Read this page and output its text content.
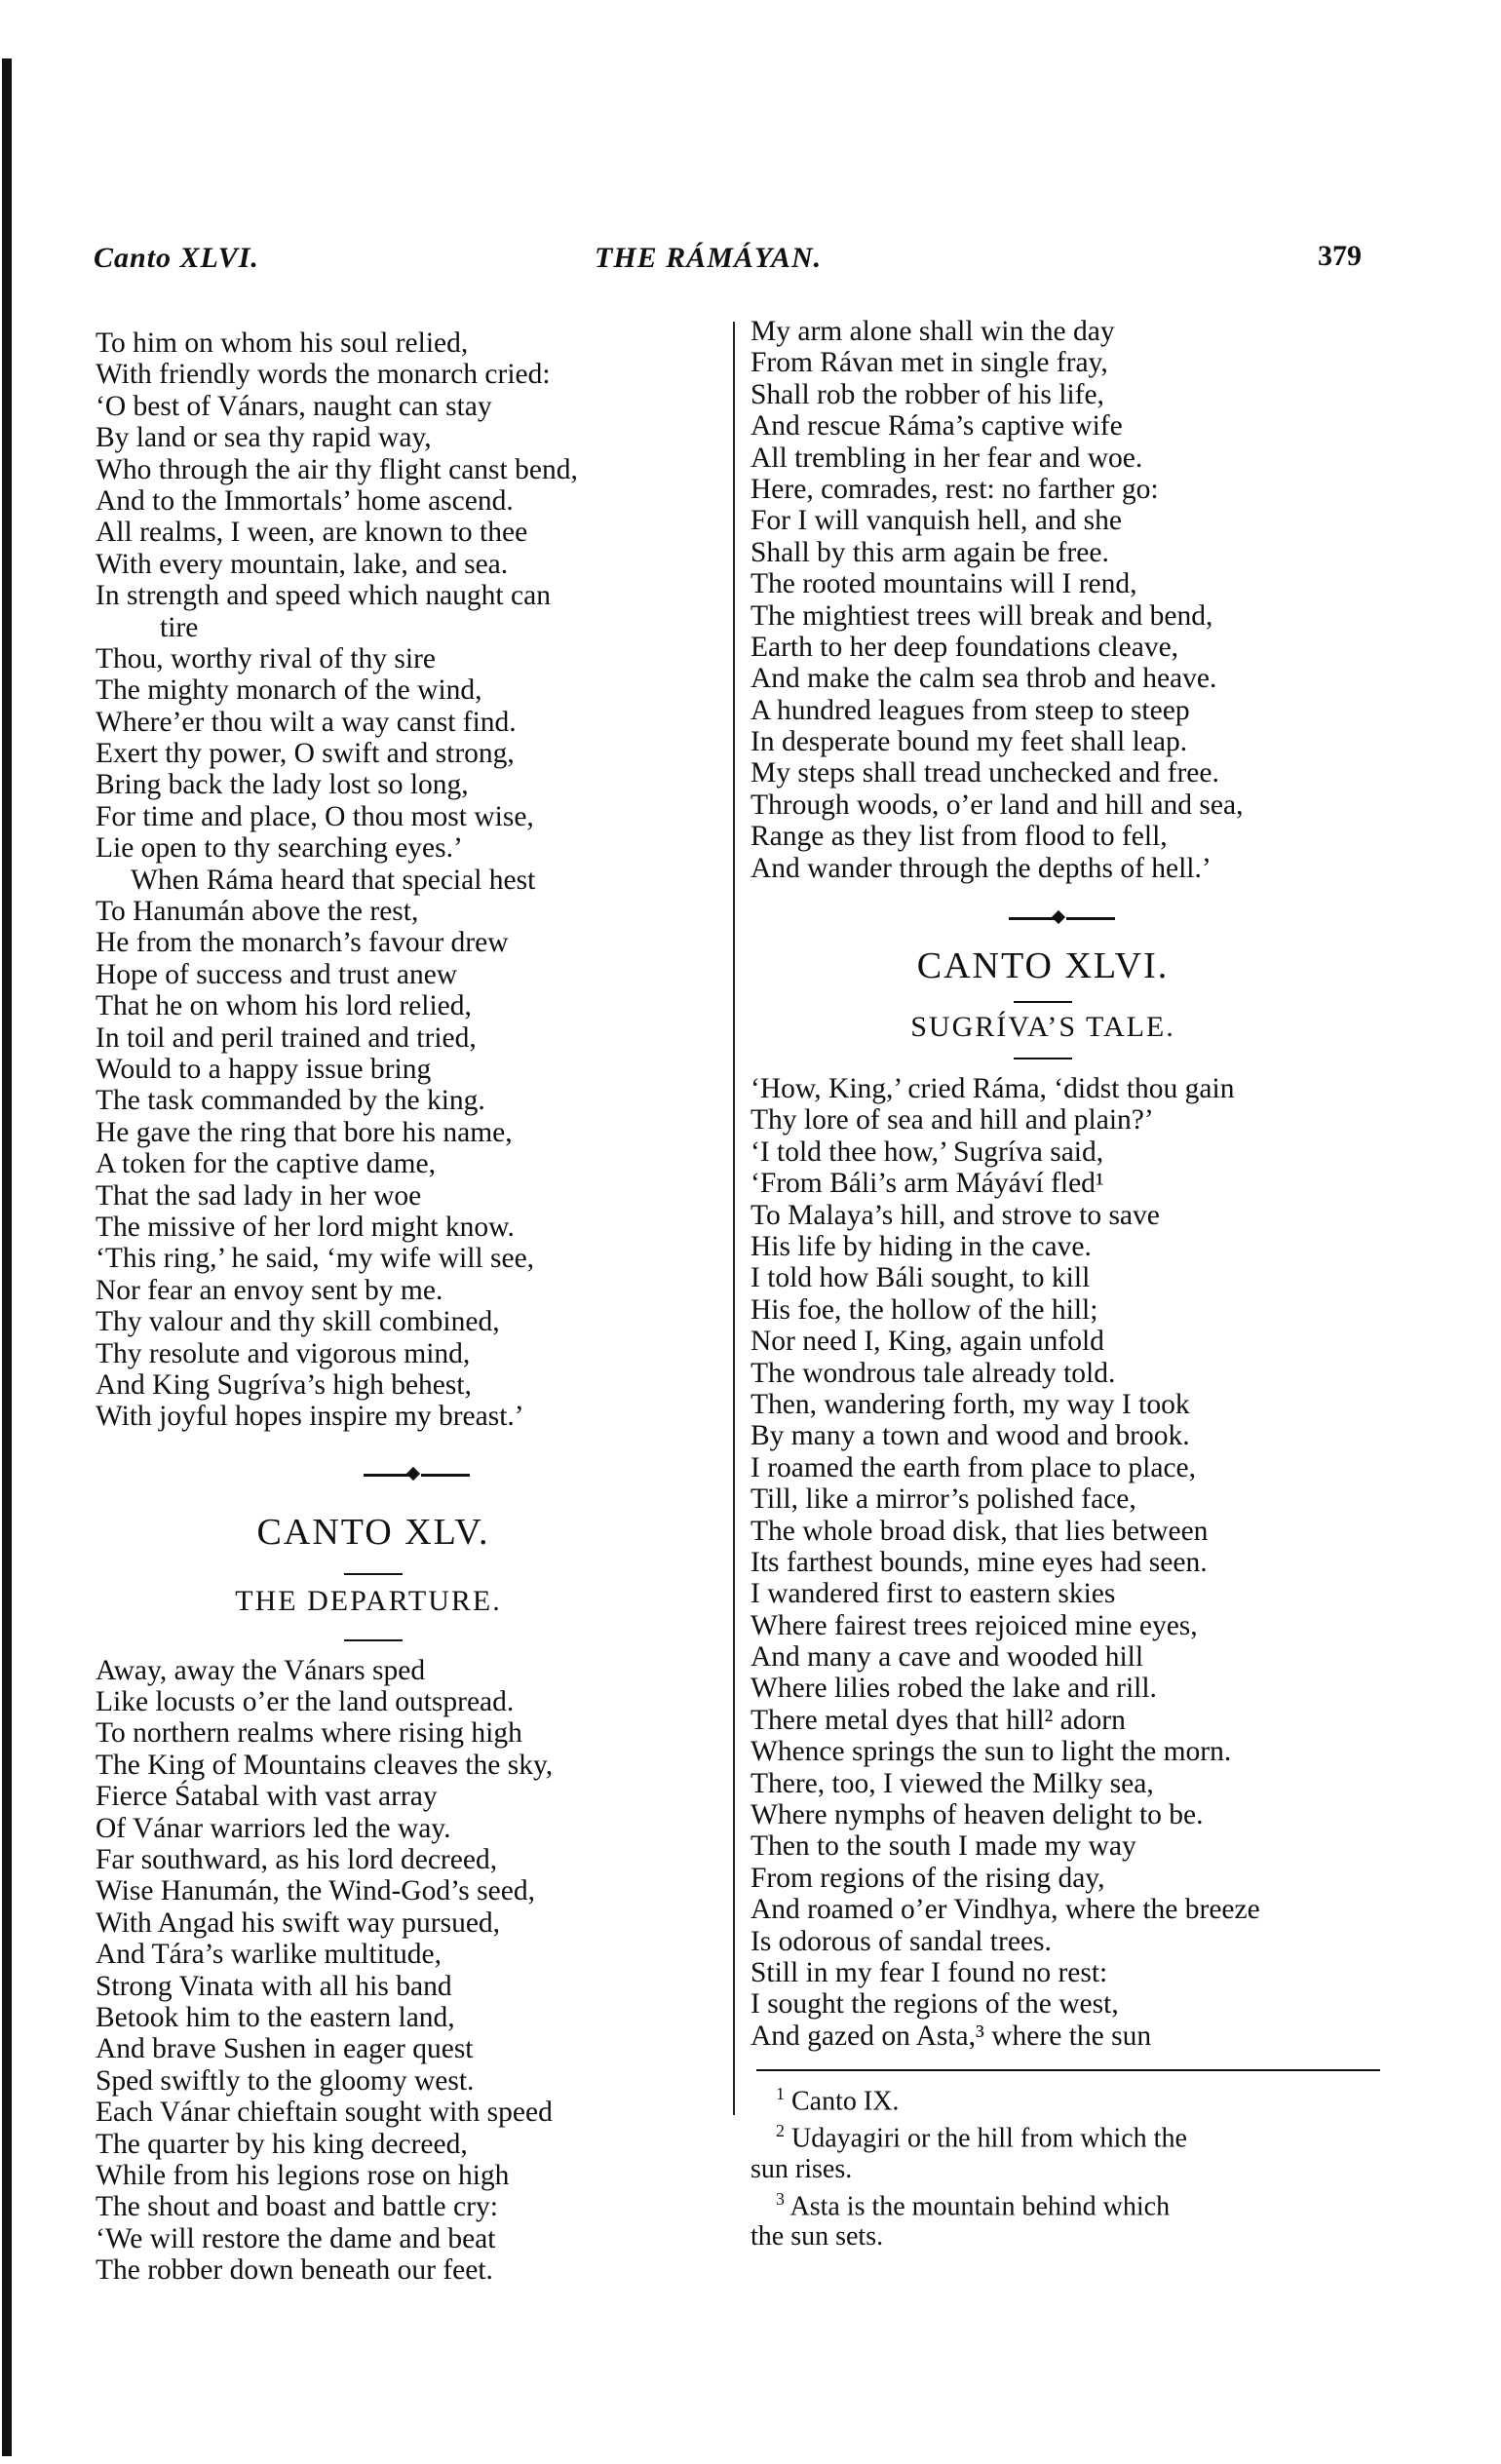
Canto XLVI.	THE RÁMÁYAN.	379
To him on whom his soul relied,
With friendly words the monarch cried:
‘O best of Vánars, naught can stay
By land or sea thy rapid way,
Who through the air thy flight canst bend,
And to the Immortals’ home ascend.
All realms, I ween, are known to thee
With every mountain, lake, and sea.
In strength and speed which naught can
tire
Thou, worthy rival of thy sire
The mighty monarch of the wind,
Where’er thou wilt a way canst find.
Exert thy power, O swift and strong,
Bring back the lady lost so long,
For time and place, O thou most wise,
Lie open to thy searching eyes.’
When Ráma heard that special hest
To Hanumán above the rest,
He from the monarch’s favour drew
Hope of success and trust anew
That he on whom his lord relied,
In toil and peril trained and tried,
Would to a happy issue bring
The task commanded by the king.
He gave the ring that bore his name,
A token for the captive dame,
That the sad lady in her woe
The missive of her lord might know.
‘This ring,’ he said, ‘my wife will see,
Nor fear an envoy sent by me.
Thy valour and thy skill combined,
Thy resolute and vigorous mind,
And King Sugríva’s high behest,
With joyful hopes inspire my breast.’
CANTO XLV.
THE DEPARTURE.
Away, away the Vánars sped
Like locusts o’er the land outspread.
To northern realms where rising high
The King of Mountains cleaves the sky,
Fierce Śatabal with vast array
Of Vánar warriors led the way.
Far southward, as his lord decreed,
Wise Hanumán, the Wind-God’s seed,
With Angad his swift way pursued,
And Tára’s warlike multitude,
Strong Vinata with all his band
Betook him to the eastern land,
And brave Sushen in eager quest
Sped swiftly to the gloomy west.
Each Vánar chieftain sought with speed
The quarter by his king decreed,
While from his legions rose on high
The shout and boast and battle cry:
‘We will restore the dame and beat
The robber down beneath our feet.
My arm alone shall win the day
From Rávan met in single fray,
Shall rob the robber of his life,
And rescue Ráma’s captive wife
All trembling in her fear and woe.
Here, comrades, rest: no farther go:
For I will vanquish hell, and she
Shall by this arm again be free.
The rooted mountains will I rend,
The mightiest trees will break and bend,
Earth to her deep foundations cleave,
And make the calm sea throb and heave.
A hundred leagues from steep to steep
In desperate bound my feet shall leap.
My steps shall tread unchecked and free.
Through woods, o’er land and hill and sea,
Range as they list from flood to fell,
And wander through the depths of hell.’
CANTO XLVI.
SUGRÍVA’S TALE.
‘How, King,’ cried Ráma, ‘didst thou gain
Thy lore of sea and hill and plain?’
‘I told thee how,’ Sugríva said,
‘From Báli’s arm Máyáví fled¹
To Malaya’s hill, and strove to save
His life by hiding in the cave.
I told how Báli sought, to kill
His foe, the hollow of the hill;
Nor need I, King, again unfold
The wondrous tale already told.
Then, wandering forth, my way I took
By many a town and wood and brook.
I roamed the earth from place to place,
Till, like a mirror’s polished face,
The whole broad disk, that lies between
Its farthest bounds, mine eyes had seen.
I wandered first to eastern skies
Where fairest trees rejoiced mine eyes,
And many a cave and wooded hill
Where lilies robed the lake and rill.
There metal dyes that hill² adorn
Whence springs the sun to light the morn.
There, too, I viewed the Milky sea,
Where nymphs of heaven delight to be.
Then to the south I made my way
From regions of the rising day,
And roamed o’er Vindhya, where the breeze
Is odorous of sandal trees.
Still in my fear I found no rest:
I sought the regions of the west,
And gazed on Asta,³ where the sun
$^1$ Canto IX.
$^2$ Udayagiri or the hill from which the
sun rises.
$^3$ Asta is the mountain behind which
the sun sets.
